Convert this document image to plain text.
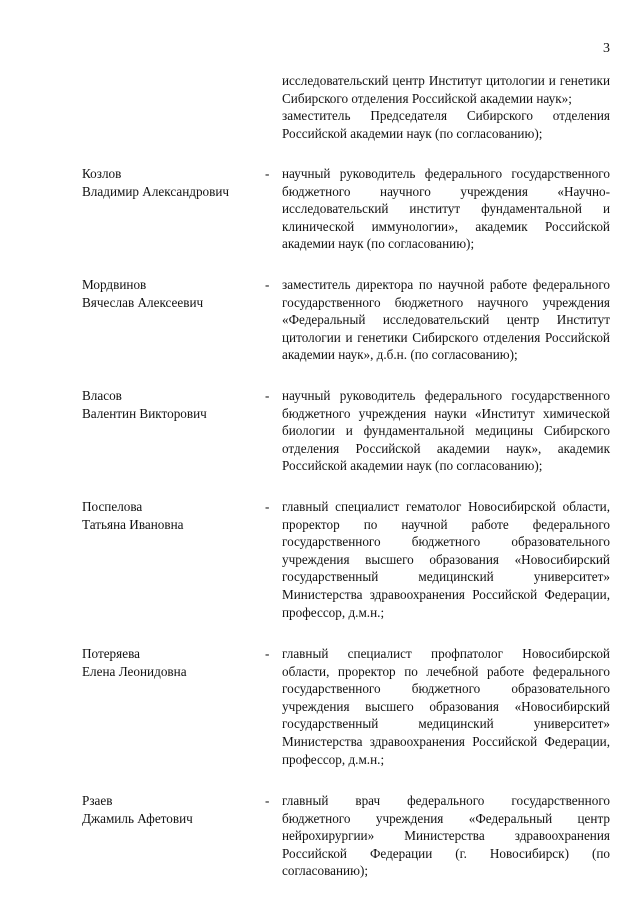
3

исследовательский центр Институт цитологии и генетики Сибирского отделения Российской академии наук»;

заместитель Председателя Сибирского отделения Российской академии наук (по согласованию);

Козлов
Владимир Александрович
- научный руководитель федерального государственного бюджетного научного учреждения «Научно-исследовательский институт фундаментальной и клинической иммунологии», академик Российской академии наук (по согласованию);

Мордвинов
Вячеслав Алексеевич
- заместитель директора по научной работе федерального государственного бюджетного научного учреждения «Федеральный исследовательский центр Институт цитологии и генетики Сибирского отделения Российской академии наук», д.б.н. (по согласованию);

Власов
Валентин Викторович
- научный руководитель федерального государственного бюджетного учреждения науки «Институт химической биологии и фундаментальной медицины Сибирского отделения Российской академии наук», академик Российской академии наук (по согласованию);

Поспелова
Татьяна Ивановна
- главный специалист гематолог Новосибирской области, проректор по научной работе федерального государственного бюджетного образовательного учреждения высшего образования «Новосибирский государственный медицинский университет» Министерства здравоохранения Российской Федерации, профессор, д.м.н.;

Потеряева
Елена Леонидовна
- главный специалист профпатолог Новосибирской области, проректор по лечебной работе федерального государственного бюджетного образовательного учреждения высшего образования «Новосибирский государственный медицинский университет» Министерства здравоохранения Российской Федерации, профессор, д.м.н.;

Рзаев
Джамиль Афетович
- главный врач федерального государственного бюджетного учреждения «Федеральный центр нейрохирургии» Министерства здравоохранения Российской Федерации (г. Новосибирск) (по согласованию);
